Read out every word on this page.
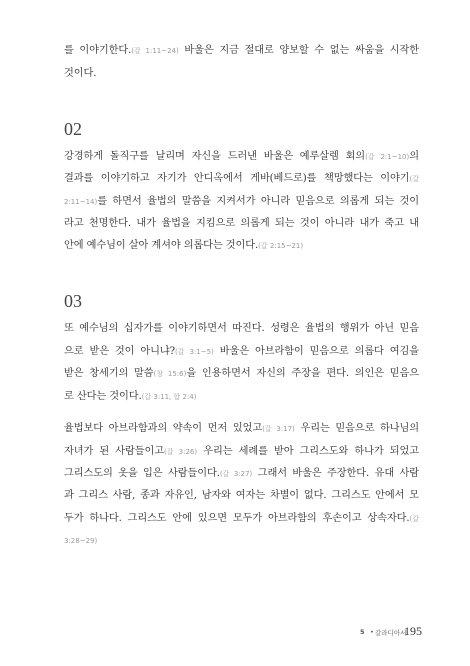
를 이야기한다.(갈 1:11~24) 바울은 지금 절대로 양보할 수 없는 싸움을 시작한
것이다.
02
강경하게 돌직구를 날리며 자신을 드러낸 바울은 예루살렘 회의(갈 2:1~10)의
결과를 이야기하고 자기가 안디옥에서 게바(베드로)를 책망했다는 이야기(갈
2:11~14)를 하면서 율법의 말씀을 지켜서가 아니라 믿음으로 의롭게 되는 것이
라고 천명한다. 내가 율법을 지킴으로 의롭게 되는 것이 아니라 내가 죽고 내
안에 예수님이 살아 계셔야 의롭다는 것이다.(갈 2:15~21)
03
또 예수님의 십자가를 이야기하면서 따진다. 성령은 율법의 행위가 아닌 믿음
으로 받은 것이 아니냐?(갈 3:1~5) 바울은 아브라함이 믿음으로 의롭다 여김을
받은 창세기의 말씀(창 15:6)을 인용하면서 자신의 주장을 편다. 의인은 믿음으
로 산다는 것이다.(갈 3:11, 합 2:4)
율법보다 아브라함과의 약속이 먼저 있었고(갈 3:17) 우리는 믿음으로 하나님의
자녀가 된 사람들이고(갈 3:26) 우리는 세례를 받아 그리스도와 하나가 되었고
그리스도의 옷을 입은 사람들이다.(갈 3:27) 그래서 바울은 주장한다. 유대 사람
과 그리스 사람, 종과 자유인, 남자와 여자는 차별이 없다. 그리스도 안에서 모
두가 하나다. 그리스도 안에 있으면 모두가 아브라함의 후손이고 상속자다.(갈
3:28~29)
5 • 갈라디아서
195
